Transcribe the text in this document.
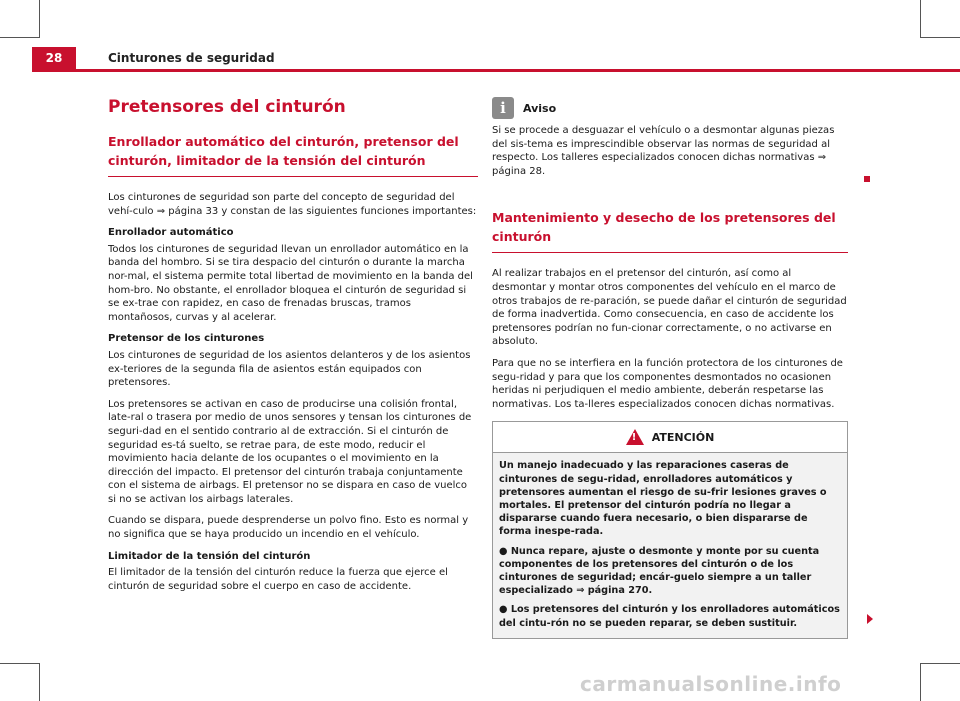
28	Cinturones de seguridad
Pretensores del cinturón
Enrollador automático del cinturón, pretensor del cinturón, limitador de la tensión del cinturón

Los cinturones de seguridad son parte del concepto de seguridad del vehí-culo ⇒ página 33 y constan de las siguientes funciones importantes:

Enrollador automático

Todos los cinturones de seguridad llevan un enrollador automático en la banda del hombro. Si se tira despacio del cinturón o durante la marcha nor-mal, el sistema permite total libertad de movimiento en la banda del hom-bro. No obstante, el enrollador bloquea el cinturón de seguridad si se ex-trae con rapidez, en caso de frenadas bruscas, tramos montañosos, curvas y al acelerar.

Pretensor de los cinturones

Los cinturones de seguridad de los asientos delanteros y de los asientos ex-teriores de la segunda fila de asientos están equipados con pretensores.

Los pretensores se activan en caso de producirse una colisión frontal, late-ral o trasera por medio de unos sensores y tensan los cinturones de seguri-dad en el sentido contrario al de extracción. Si el cinturón de seguridad es-tá suelto, se retrae para, de este modo, reducir el movimiento hacia delante de los ocupantes o el movimiento en la dirección del impacto. El pretensor del cinturón trabaja conjuntamente con el sistema de airbags. El pretensor no se dispara en caso de vuelco si no se activan los airbags laterales.

Cuando se dispara, puede desprenderse un polvo fino. Esto es normal y no significa que se haya producido un incendio en el vehículo.

Limitador de la tensión del cinturón

El limitador de la tensión del cinturón reduce la fuerza que ejerce el cinturón de seguridad sobre el cuerpo en caso de accidente.

i	Aviso

Si se procede a desguazar el vehículo o a desmontar algunas piezas del sis-tema es imprescindible observar las normas de seguridad al respecto. Los talleres especializados conocen dichas normativas ⇒ página 28.

Mantenimiento y desecho de los pretensores del cinturón

Al realizar trabajos en el pretensor del cinturón, así como al desmontar y montar otros componentes del vehículo en el marco de otros trabajos de re-paración, se puede dañar el cinturón de seguridad de forma inadvertida. Como consecuencia, en caso de accidente los pretensores podrían no fun-cionar correctamente, o no activarse en absoluto.

Para que no se interfiera en la función protectora de los cinturones de segu-ridad y para que los componentes desmontados no ocasionen heridas ni perjudiquen el medio ambiente, deberán respetarse las normativas. Los ta-lleres especializados conocen dichas normativas.

! ATENCIÓN

Un manejo inadecuado y las reparaciones caseras de cinturones de segu-ridad, enrolladores automáticos y pretensores aumentan el riesgo de su-frir lesiones graves o mortales. El pretensor del cinturón podría no llegar a dispararse cuando fuera necesario, o bien dispararse de forma inespe-rada.

● Nunca repare, ajuste o desmonte y monte por su cuenta componentes de los pretensores del cinturón o de los cinturones de seguridad; encár-guelo siempre a un taller especializado ⇒ página 270.

● Los pretensores del cinturón y los enrolladores automáticos del cintu-rón no se pueden reparar, se deben sustituir.

carmanualsonline.info
